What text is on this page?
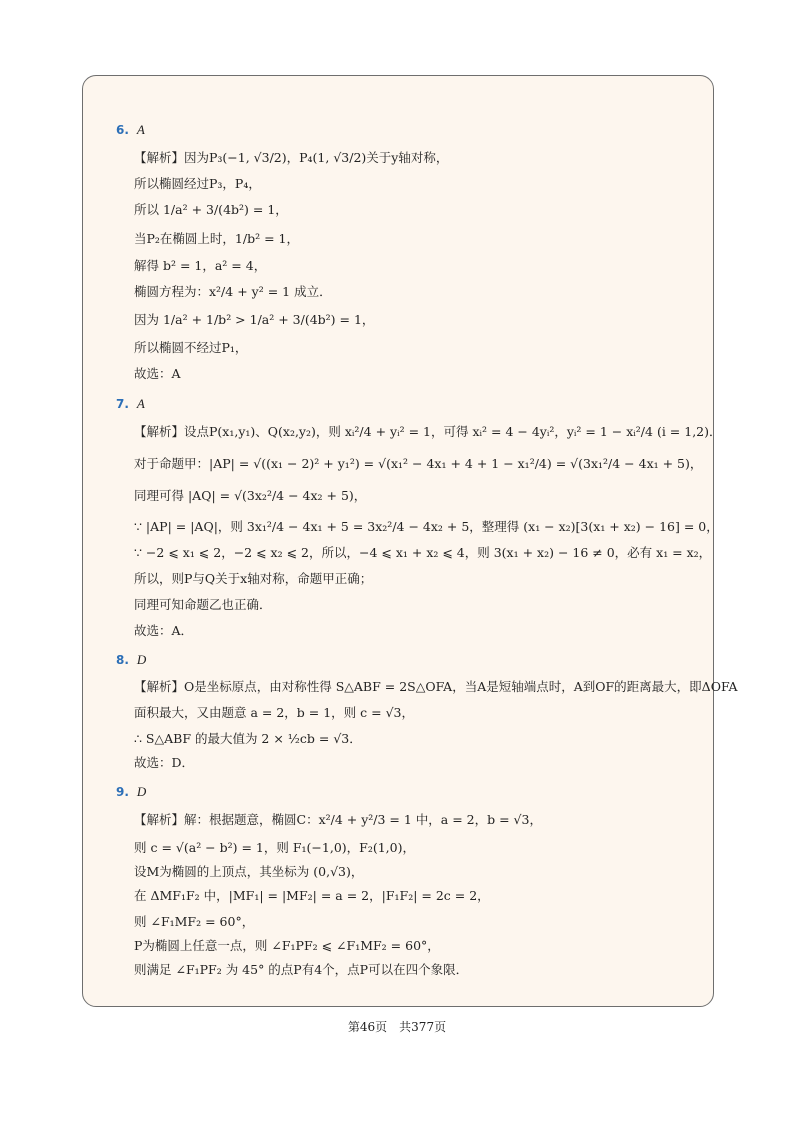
6. A
【解析】因为P₃(−1, √3/2)，P₄(1, √3/2)关于y轴对称，
所以椭圆经过P₃，P₄，
所以 1/a² + 3/(4b²) = 1，
当P₂在椭圆上时，1/b² = 1，
解得 b² = 1，a² = 4，
椭圆方程为：x²/4 + y² = 1 成立．
因为 1/a² + 1/b² > 1/a² + 3/(4b²) = 1，
所以椭圆不经过P₁，
故选：A
7. A
【解析】设点P(x₁,y₁)、Q(x₂,y₂)，则 xᵢ²/4 + yᵢ² = 1，可得 xᵢ² = 4 − 4yᵢ²，yᵢ² = 1 − xᵢ²/4 (i = 1,2)．
对于命题甲：|AP| = √((x₁ − 2)² + y₁²) = √(x₁² − 4x₁ + 4 + 1 − x₁²/4) = √(3x₁²/4 − 4x₁ + 5)，
同理可得 |AQ| = √(3x₂²/4 − 4x₂ + 5)，
∵ |AP| = |AQ|，则 3x₁²/4 − 4x₁ + 5 = 3x₂²/4 − 4x₂ + 5，整理得 (x₁ − x₂)[3(x₁ + x₂) − 16] = 0，
∵ −2 ⩽ x₁ ⩽ 2，−2 ⩽ x₂ ⩽ 2，所以，−4 ⩽ x₁ + x₂ ⩽ 4，则 3(x₁ + x₂) − 16 ≠ 0，必有 x₁ = x₂，
所以，则P与Q关于x轴对称，命题甲正确；
同理可知命题乙也正确．
故选：A．
8. D
【解析】O是坐标原点，由对称性得 S△ABF = 2S△OFA，当A是短轴端点时，A到OF的距离最大，即ΔOFA
面积最大，又由题意 a = 2，b = 1，则 c = √3，
∴ S△ABF 的最大值为 2 × ½cb = √3．
故选：D．
9. D
【解析】解：根据题意，椭圆C：x²/4 + y²/3 = 1 中，a = 2，b = √3，
则 c = √(a² − b²) = 1，则 F₁(−1,0)，F₂(1,0)，
设M为椭圆的上顶点，其坐标为 (0,√3)，
在 ΔMF₁F₂ 中，|MF₁| = |MF₂| = a = 2，|F₁F₂| = 2c = 2，
则 ∠F₁MF₂ = 60°，
P为椭圆上任意一点，则 ∠F₁PF₂ ⩽ ∠F₁MF₂ = 60°，
则满足 ∠F₁PF₂ 为 45° 的点P有4个，点P可以在四个象限．
第46页　共377页
